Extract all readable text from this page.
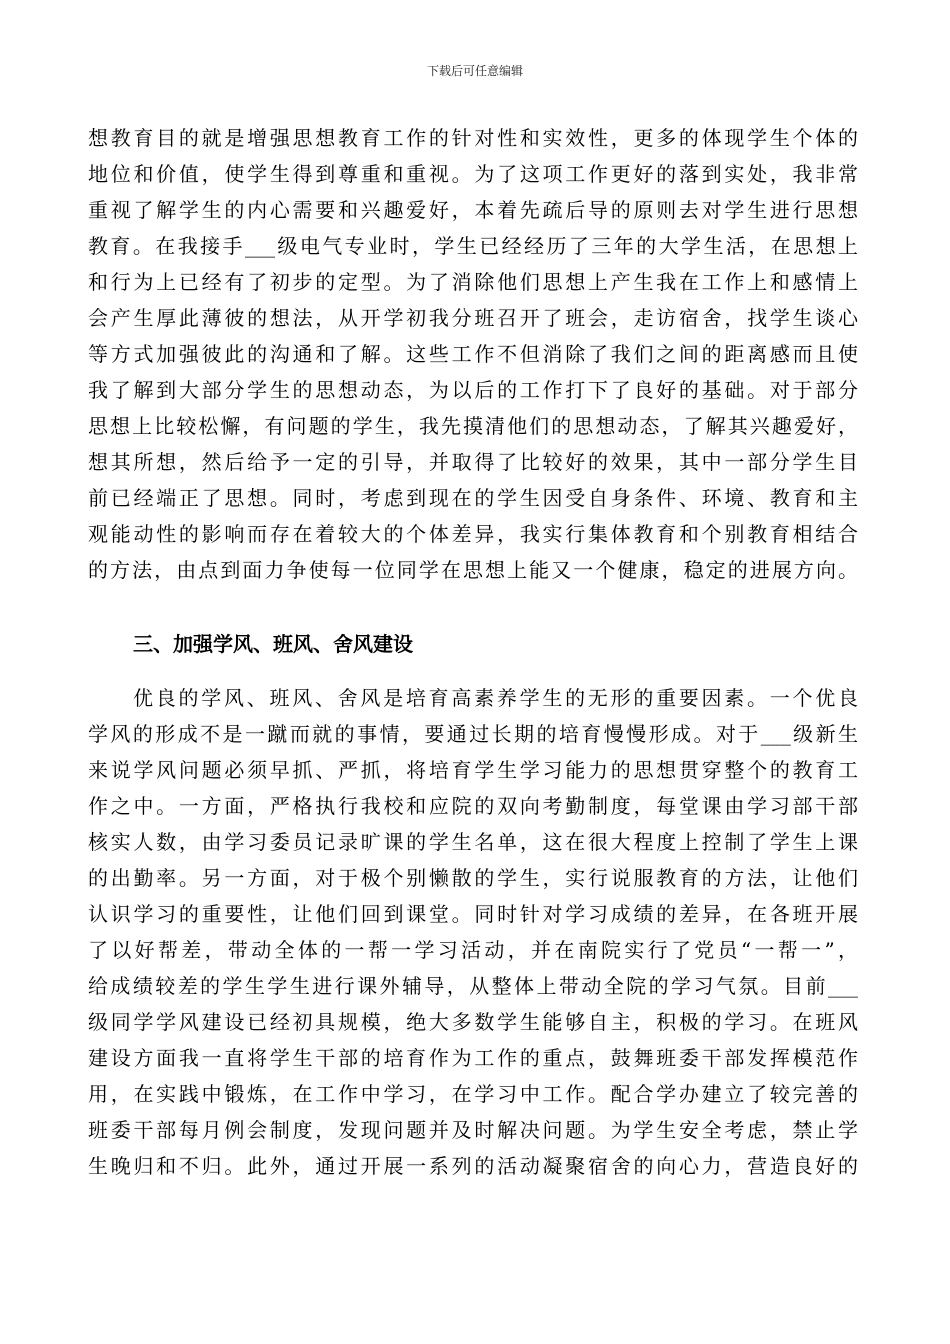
下载后可任意编辑
想教育目的就是增强思想教育工作的针对性和实效性，更多的体现学生个体的
地位和价值，使学生得到尊重和重视。为了这项工作更好的落到实处，我非常
重视了解学生的内心需要和兴趣爱好，本着先疏后导的原则去对学生进行思想
教育。在我接手___级电气专业时，学生已经经历了三年的大学生活，在思想上
和行为上已经有了初步的定型。为了消除他们思想上产生我在工作上和感情上
会产生厚此薄彼的想法，从开学初我分班召开了班会，走访宿舍，找学生谈心
等方式加强彼此的沟通和了解。这些工作不但消除了我们之间的距离感而且使
我了解到大部分学生的思想动态，为以后的工作打下了良好的基础。对于部分
思想上比较松懈，有问题的学生，我先摸清他们的思想动态，了解其兴趣爱好，
想其所想，然后给予一定的引导，并取得了比较好的效果，其中一部分学生目
前已经端正了思想。同时，考虑到现在的学生因受自身条件、环境、教育和主
观能动性的影响而存在着较大的个体差异，我实行集体教育和个别教育相结合
的方法，由点到面力争使每一位同学在思想上能又一个健康，稳定的进展方向。
三、加强学风、班风、舍风建设
优良的学风、班风、舍风是培育高素养学生的无形的重要因素。一个优良
学风的形成不是一蹴而就的事情，要通过长期的培育慢慢形成。对于___级新生
来说学风问题必须早抓、严抓，将培育学生学习能力的思想贯穿整个的教育工
作之中。一方面，严格执行我校和应院的双向考勤制度，每堂课由学习部干部
核实人数，由学习委员记录旷课的学生名单，这在很大程度上控制了学生上课
的出勤率。另一方面，对于极个别懒散的学生，实行说服教育的方法，让他们
认识学习的重要性，让他们回到课堂。同时针对学习成绩的差异，在各班开展
了以好帮差，带动全体的一帮一学习活动，并在南院实行了党员“一帮一”，
给成绩较差的学生学生进行课外辅导，从整体上带动全院的学习气氛。目前___
级同学学风建设已经初具规模，绝大多数学生能够自主，积极的学习。在班风
建设方面我一直将学生干部的培育作为工作的重点，鼓舞班委干部发挥模范作
用，在实践中锻炼，在工作中学习，在学习中工作。配合学办建立了较完善的
班委干部每月例会制度，发现问题并及时解决问题。为学生安全考虑，禁止学
生晚归和不归。此外，通过开展一系列的活动凝聚宿舍的向心力，营造良好的
